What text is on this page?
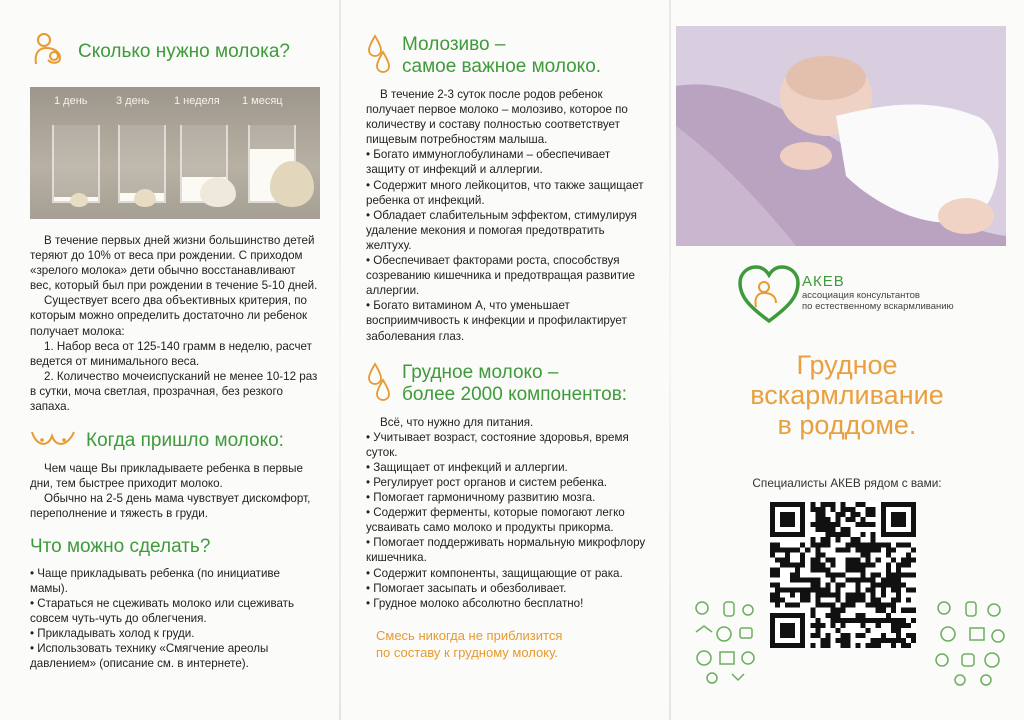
Сколько нужно молока?
1 день	3 день 1 неделя 1 месяц

В течение первых дней жизни большинство детей теряют до 10% от веса при рождении. С приходом «зрелого молока» дети обычно восстанавливают вес, который был при рождении в течение 5-10 дней.

Существует всего два объективных критерия, по которым можно определить достаточно ли ребенок получает молока:

1. Набор веса от 125-140 грамм в неделю, расчет ведется от минимального веса.

2. Количество мочеиспусканий не менее 10-12 раз в сутки, моча светлая, прозрачная, без резкого запаха.

Когда пришло молоко:

Чем чаще Вы прикладываете ребенка в первые дни, тем быстрее приходит молоко.

Обычно на 2-5 день мама чувствует дискомфорт, переполнение и тяжесть в груди.

Что можно сделать?
• Чаще прикладывать ребенка (по инициативе мамы).
• Стараться не сцеживать молоко или сцеживать совсем чуть-чуть до облегчения.
• Прикладывать холод к груди.
• Использовать технику «Смягчение ареолы давлением» (описание см. в интернете).
Молозиво –
самое важное молоко.

В течение 2-3 суток после родов ребенок получает первое молоко – молозиво, которое по количеству и составу полностью соответствует пищевым потребностям малыша.

• Богато иммуноглобулинами – обеспечивает защиту от инфекций и аллергии.
• Содержит много лейкоцитов, что также защищает ребенка от инфекций.
• Обладает слабительным эффектом, стимулируя удаление мекония и помогая предотвратить желтуху.
• Обеспечивает факторами роста, способствуя созреванию кишечника и предотвращая развитие аллергии.
• Богато витамином А, что уменьшает восприимчивость к инфекции и профилактирует заболевания глаз.
Грудное молоко –
более 2000 компонентов:

Всё, что нужно для питания.

• Учитывает возраст, состояние здоровья, время суток.
• Защищает от инфекций и аллергии.
• Регулирует рост органов и систем ребенка.
• Помогает гармоничному развитию мозга.
• Содержит ферменты, которые помогают легко усваивать само молоко и продукты прикорма.
• Помогает поддерживать нормальную микрофлору кишечника.
• Содержит компоненты, защищающие от рака.
• Помогает засыпать и обезболивает.
• Грудное молоко абсолютно бесплатно!

Смесь никогда не приблизится

по составу к грудному молоку.

АКЕВ
ассоциация консультантов
по естественному вскармливанию
Грудное
вскармливание
в роддоме.
Специалисты АКЕВ рядом с вами:
